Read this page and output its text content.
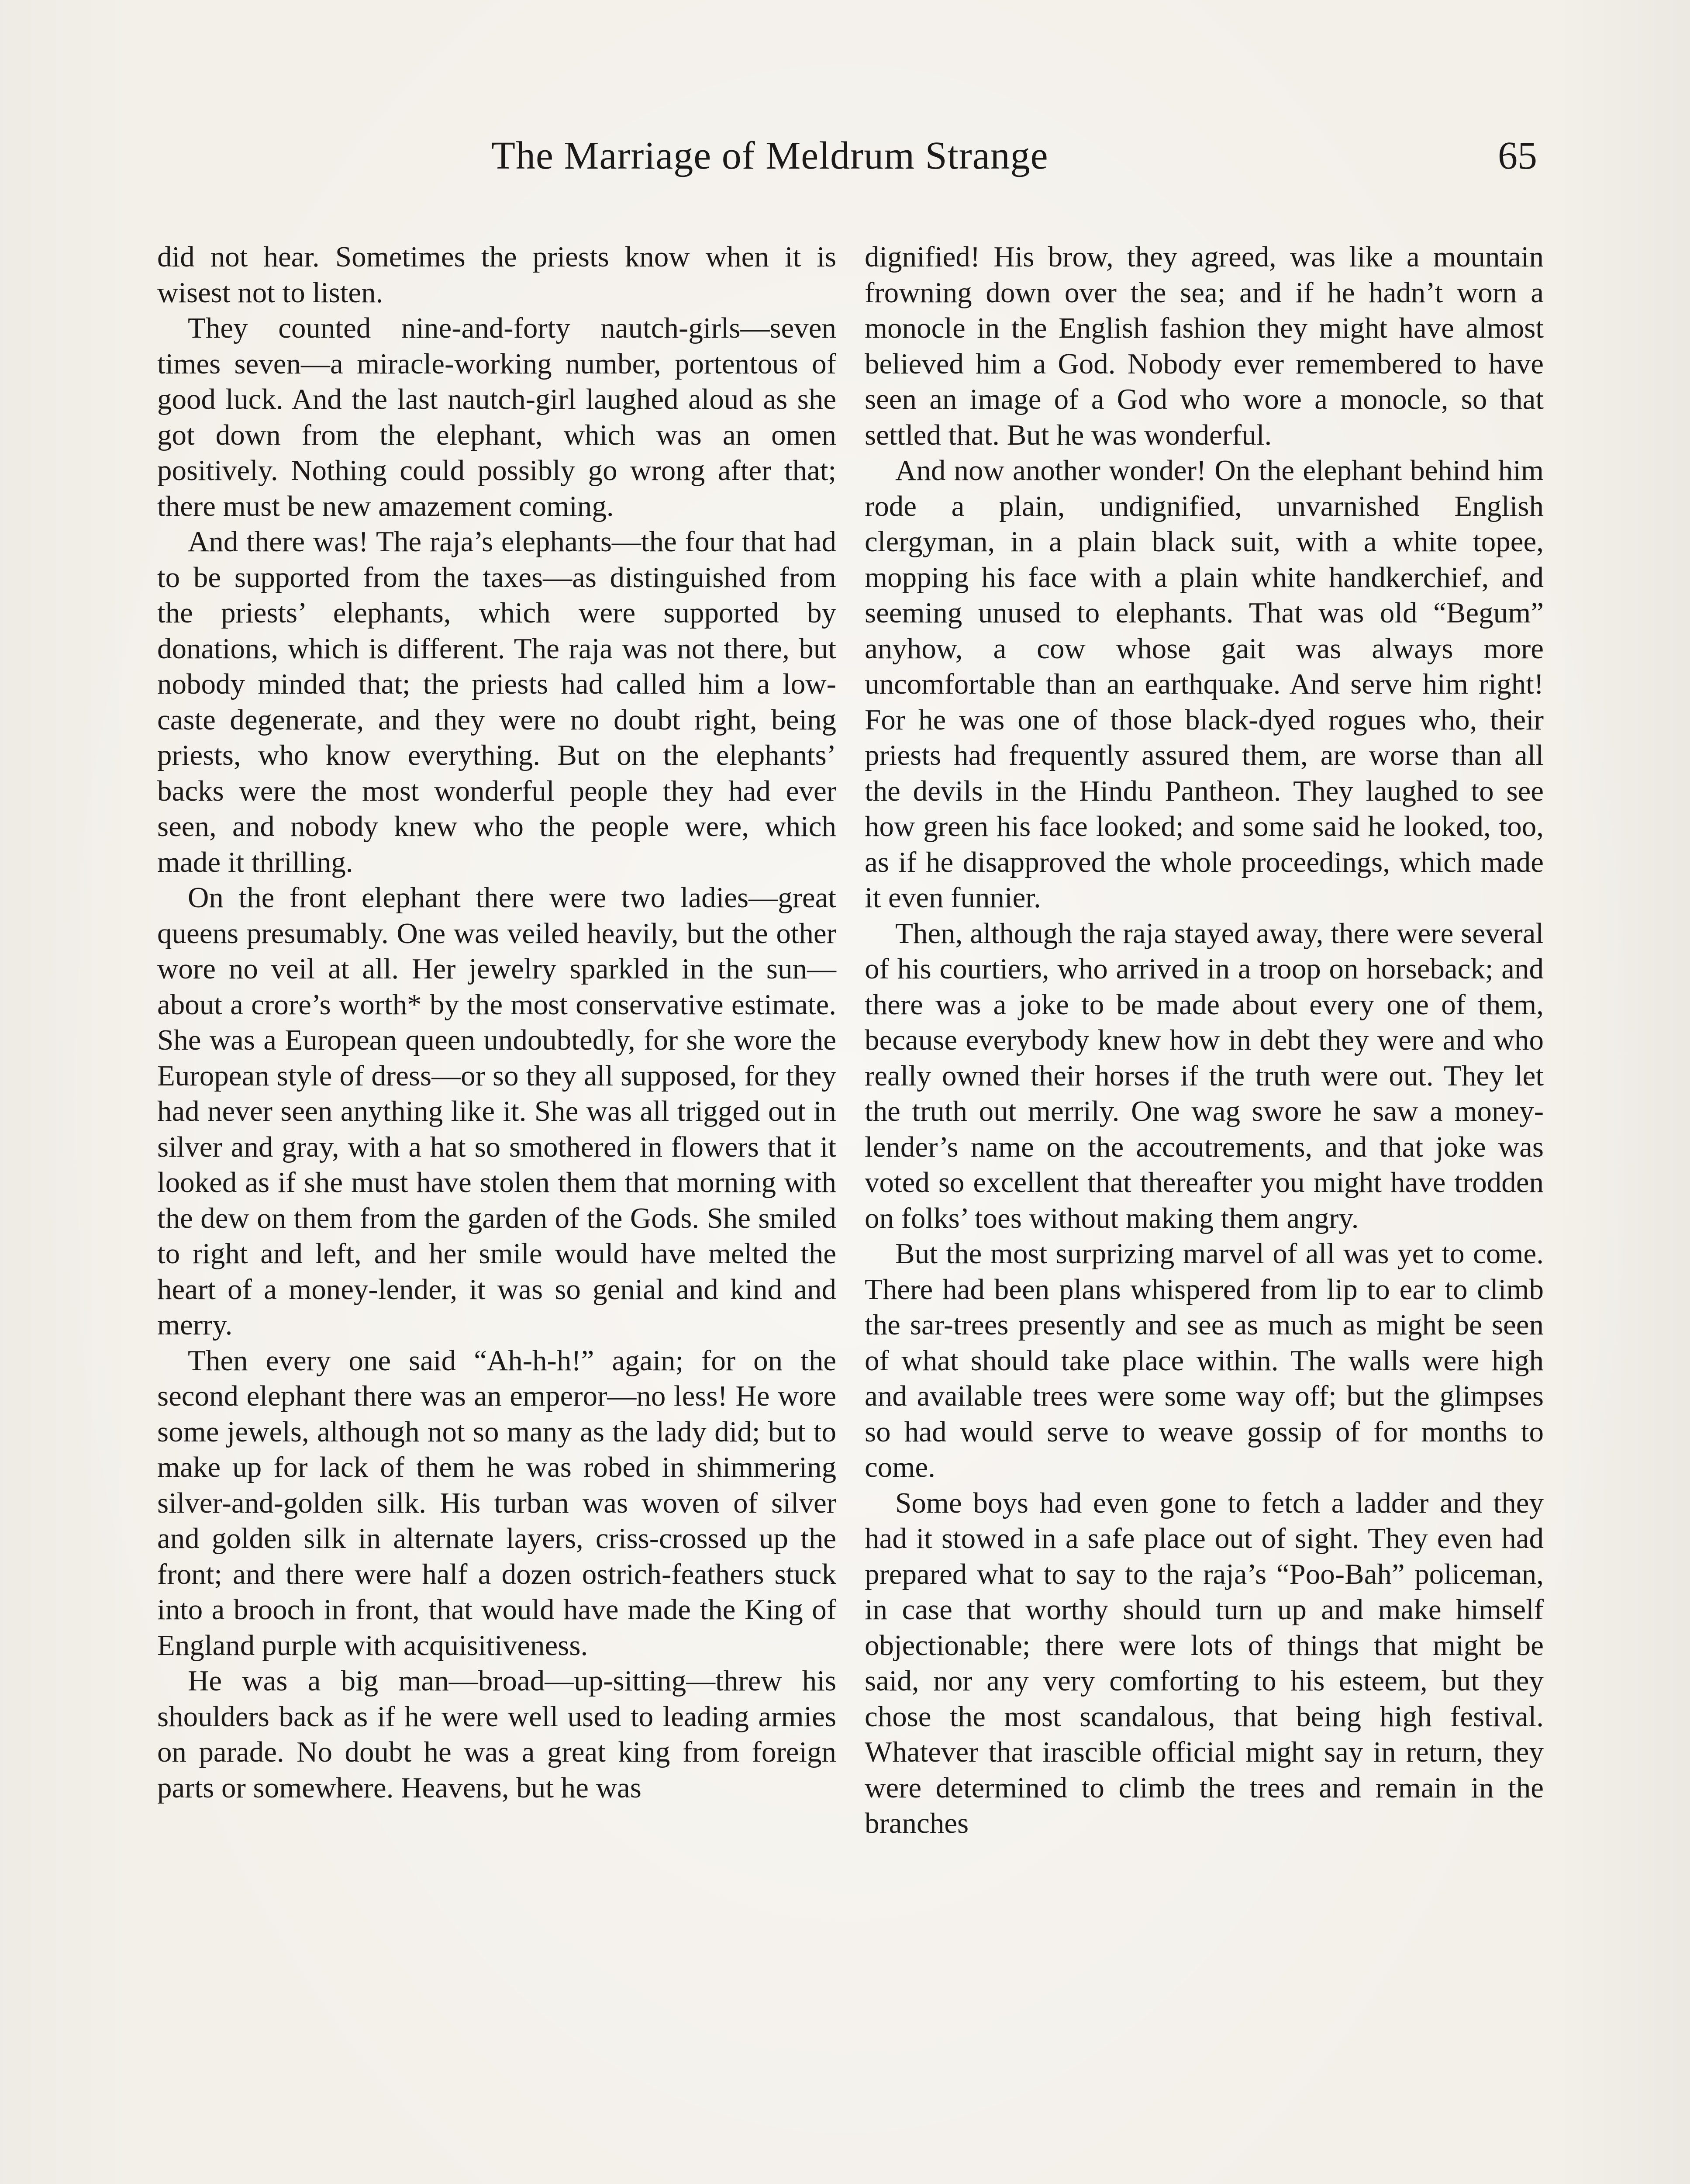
The Marriage of Meldrum Strange	65

did not hear. Sometimes the priests know when it is wisest not to listen.

They counted nine-and-forty nautch-girls—seven times seven—a miracle-working number, portentous of good luck. And the last nautch-girl laughed aloud as she got down from the elephant, which was an omen positively. Nothing could possibly go wrong after that; there must be new amazement coming.

And there was! The raja’s elephants—the four that had to be supported from the taxes—as distinguished from the priests’ elephants, which were supported by donations, which is different. The raja was not there, but nobody minded that; the priests had called him a low-caste degenerate, and they were no doubt right, being priests, who know everything. But on the elephants’ backs were the most wonderful people they had ever seen, and nobody knew who the people were, which made it thrilling.

On the front elephant there were two ladies—great queens presumably. One was veiled heavily, but the other wore no veil at all. Her jewelry sparkled in the sun—about a crore’s worth* by the most conservative estimate. She was a European queen undoubtedly, for she wore the European style of dress—or so they all supposed, for they had never seen anything like it. She was all trigged out in silver and gray, with a hat so smothered in flowers that it looked as if she must have stolen them that morning with the dew on them from the garden of the Gods. She smiled to right and left, and her smile would have melted the heart of a money-lender, it was so genial and kind and merry.

Then every one said “Ah-h-h!” again; for on the second elephant there was an emperor—no less! He wore some jewels, although not so many as the lady did; but to make up for lack of them he was robed in shimmering silver-and-golden silk. His turban was woven of silver and golden silk in alternate layers, criss-crossed up the front; and there were half a dozen ostrich-feathers stuck into a brooch in front, that would have made the King of England purple with acquisitiveness.

He was a big man—broad—up-sitting—threw his shoulders back as if he were well used to leading armies on parade. No doubt he was a great king from foreign parts or somewhere. Heavens, but he was

dignified! His brow, they agreed, was like a mountain frowning down over the sea; and if he hadn’t worn a monocle in the English fashion they might have almost believed him a God. Nobody ever remembered to have seen an image of a God who wore a monocle, so that settled that. But he was wonderful.

And now another wonder! On the elephant behind him rode a plain, undignified, unvarnished English clergyman, in a plain black suit, with a white topee, mopping his face with a plain white handkerchief, and seeming unused to elephants. That was old “Begum” anyhow, a cow whose gait was always more uncomfortable than an earthquake. And serve him right! For he was one of those black-dyed rogues who, their priests had frequently assured them, are worse than all the devils in the Hindu Pantheon. They laughed to see how green his face looked; and some said he looked, too, as if he disapproved the whole proceedings, which made it even funnier.

Then, although the raja stayed away, there were several of his courtiers, who arrived in a troop on horseback; and there was a joke to be made about every one of them, because everybody knew how in debt they were and who really owned their horses if the truth were out. They let the truth out merrily. One wag swore he saw a money-lender’s name on the accoutrements, and that joke was voted so excellent that thereafter you might have trodden on folks’ toes without making them angry.

But the most surprizing marvel of all was yet to come. There had been plans whispered from lip to ear to climb the sar-trees presently and see as much as might be seen of what should take place within. The walls were high and available trees were some way off; but the glimpses so had would serve to weave gossip of for months to come.

Some boys had even gone to fetch a ladder and they had it stowed in a safe place out of sight. They even had prepared what to say to the raja’s “Poo-Bah” policeman, in case that worthy should turn up and make himself objectionable; there were lots of things that might be said, nor any very comforting to his esteem, but they chose the most scandalous, that being high festival. Whatever that irascible official might say in return, they were determined to climb the trees and remain in the branches
